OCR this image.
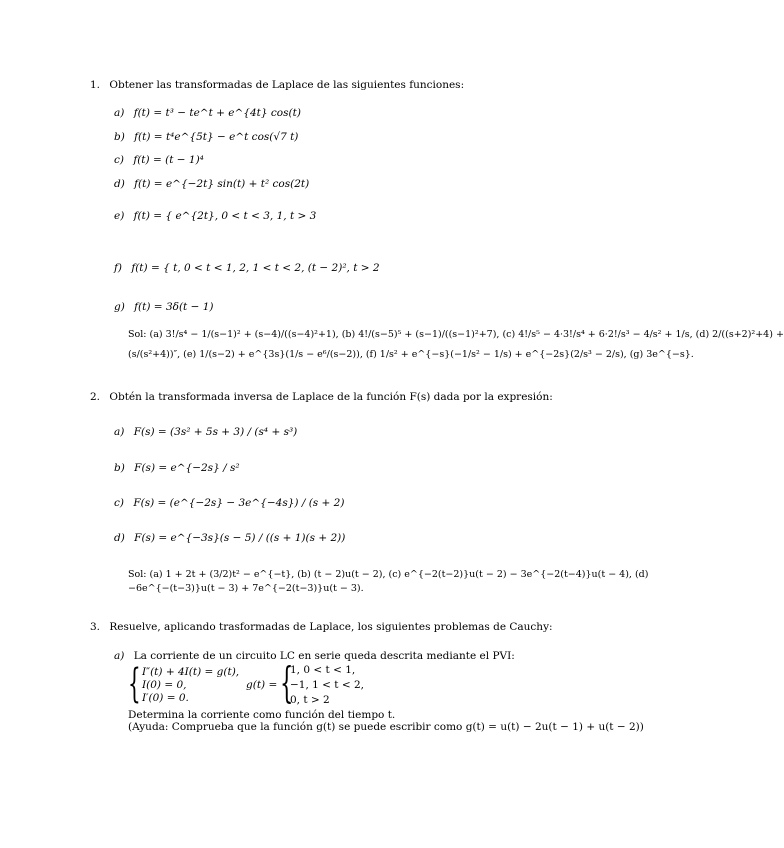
1. Obtener las transformadas de Laplace de las siguientes funciones:
a) f(t) = t³ − te^t + e^{4t} cos(t)
b) f(t) = t⁴e^{5t} − e^t cos(√7 t)
c) f(t) = (t − 1)⁴
d) f(t) = e^{−2t} sin(t) + t² cos(2t)
e) f(t) = { e^{2t}, 0 < t < 3, 1, t > 3
f) f(t) = { t, 0 < t < 1, 2, 1 < t < 2, (t − 2)², t > 2
g) f(t) = 3δ(t − 1)
Sol: (a) 3!/s⁴ − 1/(s−1)² + (s−4)/((s−4)²+1), (b) 4!/(s−5)⁵ + (s−1)/((s−1)²+7), (c) 4!/s⁵ − 4·3!/s⁴ + 6·2!/s³ − 4/s² + 1/s, (d) 2/((s+2)²+4) +
(s/(s²+4))″, (e) 1/(s−2) + e^{3s}(1/s − e⁶/(s−2)), (f) 1/s² + e^{−s}(−1/s² − 1/s) + e^{−2s}(2/s³ − 2/s), (g) 3e^{−s}.
2. Obtén la transformada inversa de Laplace de la función F(s) dada por la expresión:
a) F(s) = (3s² + 5s + 3) / (s⁴ + s³)
b) F(s) = e^{−2s} / s²
c) F(s) = (e^{−2s} − 3e^{−4s}) / (s + 2)
d) F(s) = e^{−3s}(s − 5) / ((s + 1)(s + 2))
Sol: (a) 1 + 2t + (3/2)t² − e^{−t}, (b) (t − 2)u(t − 2), (c) e^{−2(t−2)}u(t − 2) − 3e^{−2(t−4)}u(t − 4), (d)
−6e^{−(t−3)}u(t − 3) + 7e^{−2(t−3)}u(t − 3).
3. Resuelve, aplicando trasformadas de Laplace, los siguientes problemas de Cauchy:
a) La corriente de un circuito LC en serie queda descrita mediante el PVI:
{ I″(t) + 4I(t) = g(t),
I(0) = 0,
I′(0) = 0.
g(t) = {
1, 0 < t < 1,
−1, 1 < t < 2,
0, t > 2
Determina la corriente como función del tiempo t.
(Ayuda: Comprueba que la función g(t) se puede escribir como g(t) = u(t) − 2u(t − 1) + u(t − 2))
